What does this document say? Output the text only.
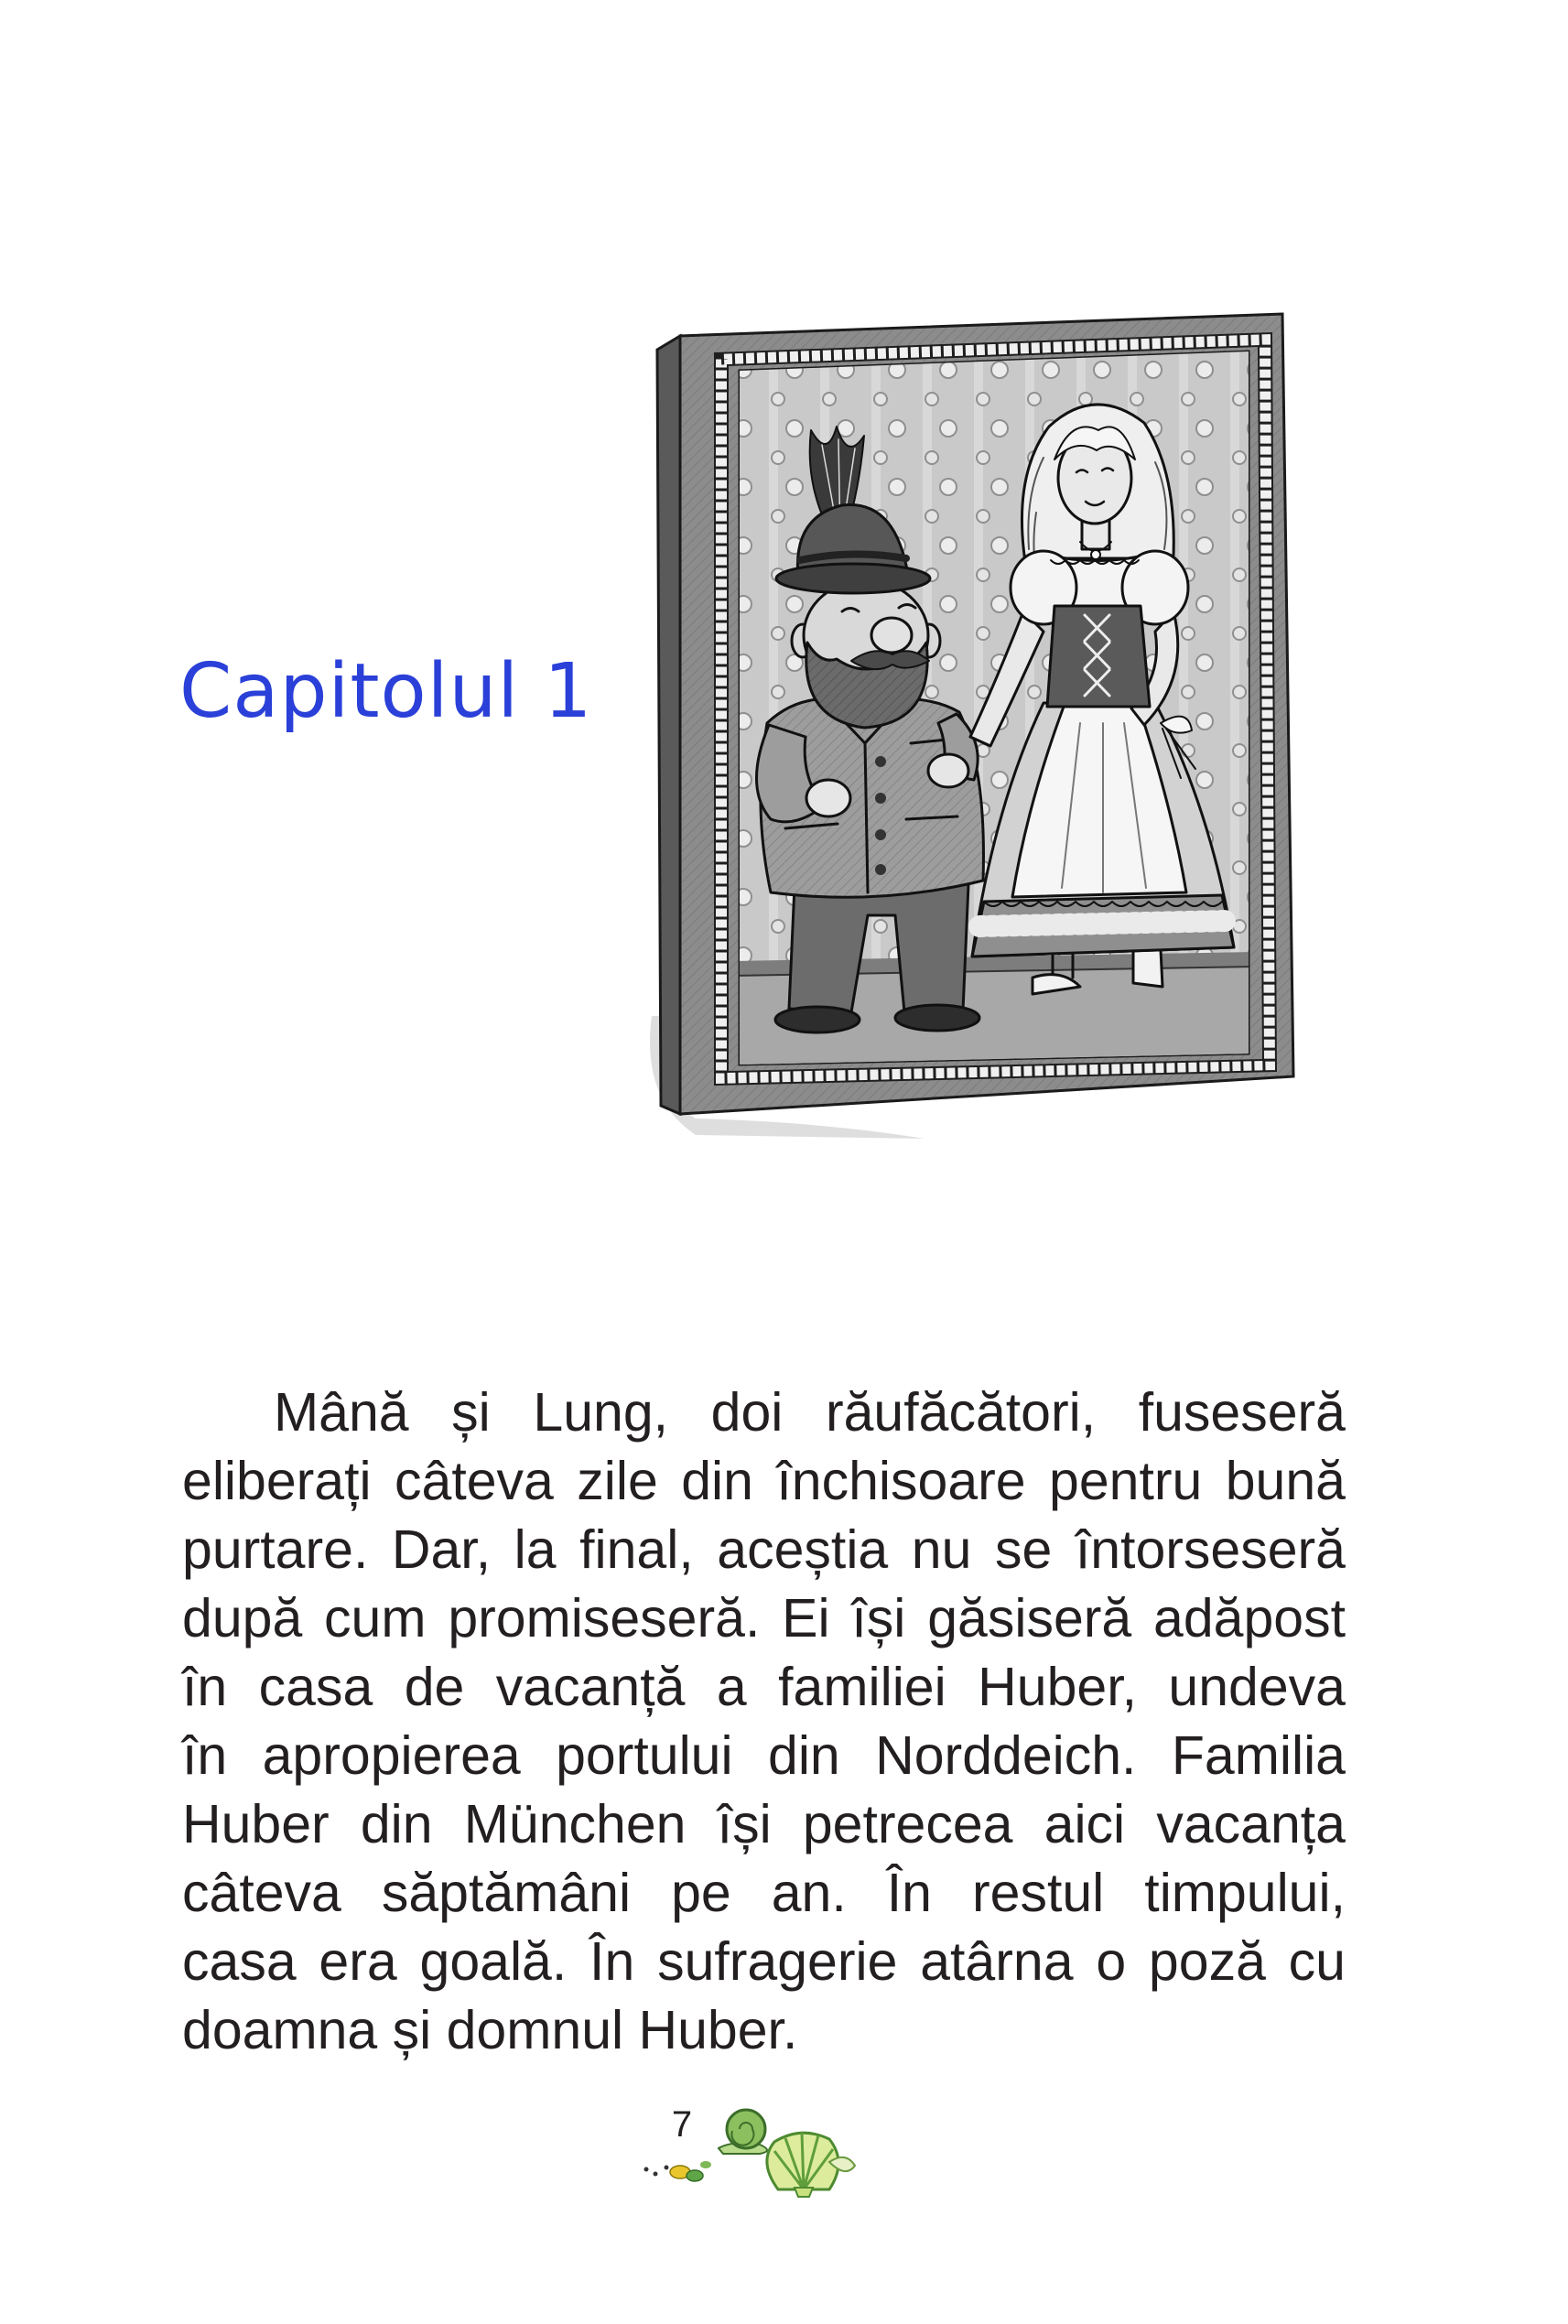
Capitolul 1
Mână și Lung, doi răufăcători, fuseseră
eliberați câteva zile din închisoare pentru bună
purtare. Dar, la final, aceștia nu se întorseseră
după cum promiseseră. Ei își găsiseră adăpost
în casa de vacanță a familiei Huber, undeva
în apropierea portului din Norddeich. Familia
Huber din München își petrecea aici vacanța
câteva săptămâni pe an. În restul timpului,
casa era goală. În sufragerie atârna o poză cu
doamna și domnul Huber.
7
